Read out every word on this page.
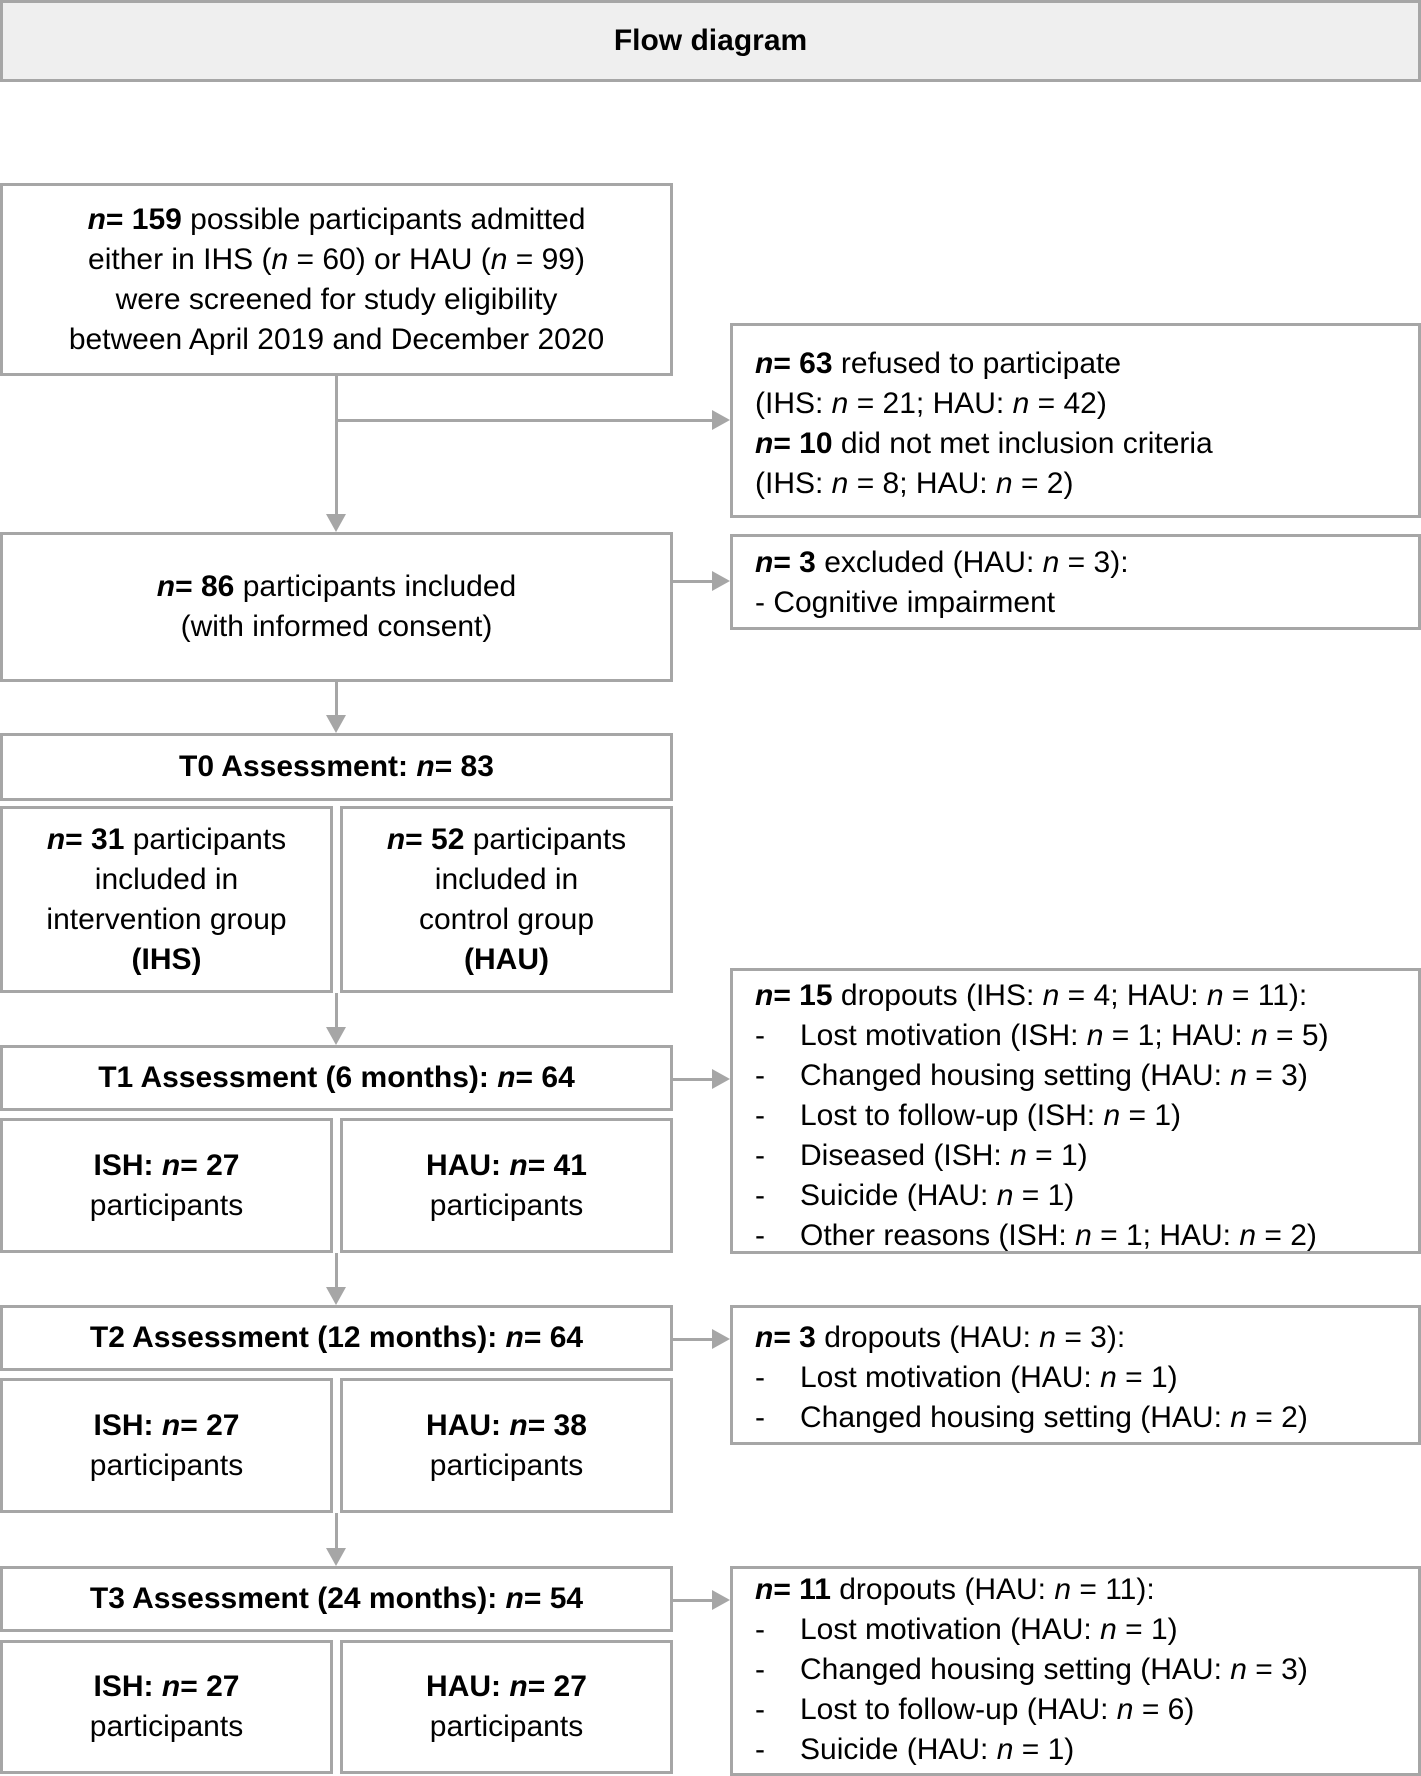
Flow diagram
n= 159 possible participants admitted
either in IHS (n = 60) or HAU (n = 99)
were screened for study eligibility
between April 2019 and December 2020
n= 63 refused to participate
(IHS: n = 21; HAU: n = 42)
n= 10 did not met inclusion criteria
(IHS: n = 8; HAU: n = 2)
n= 86 participants included
(with informed consent)
n= 3 excluded (HAU: n = 3):
- Cognitive impairment
T0 Assessment: n= 83
n= 31 participants
included in
intervention group
(IHS)
n= 52 participants
included in
control group
(HAU)
T1 Assessment (6 months): n= 64
ISH: n= 27
participants
HAU: n= 41
participants
n= 15 dropouts (IHS: n = 4; HAU: n = 11):
-	Lost motivation (ISH: n = 1; HAU: n = 5)
-	Changed housing setting (HAU: n = 3)
-	Lost to follow-up (ISH: n = 1)
-	Diseased (ISH: n = 1)
-	Suicide (HAU: n = 1)
-	Other reasons (ISH: n = 1; HAU: n = 2)
T2 Assessment (12 months): n= 64
ISH: n= 27
participants
HAU: n= 38
participants
n= 3 dropouts (HAU: n = 3):
-	Lost motivation (HAU: n = 1)
-	Changed housing setting (HAU: n = 2)
T3 Assessment (24 months): n= 54
ISH: n= 27
participants
HAU: n= 27
participants
n= 11 dropouts (HAU: n = 11):
-	Lost motivation (HAU: n = 1)
-	Changed housing setting (HAU: n = 3)
-	Lost to follow-up (HAU: n = 6)
-	Suicide (HAU: n = 1)
